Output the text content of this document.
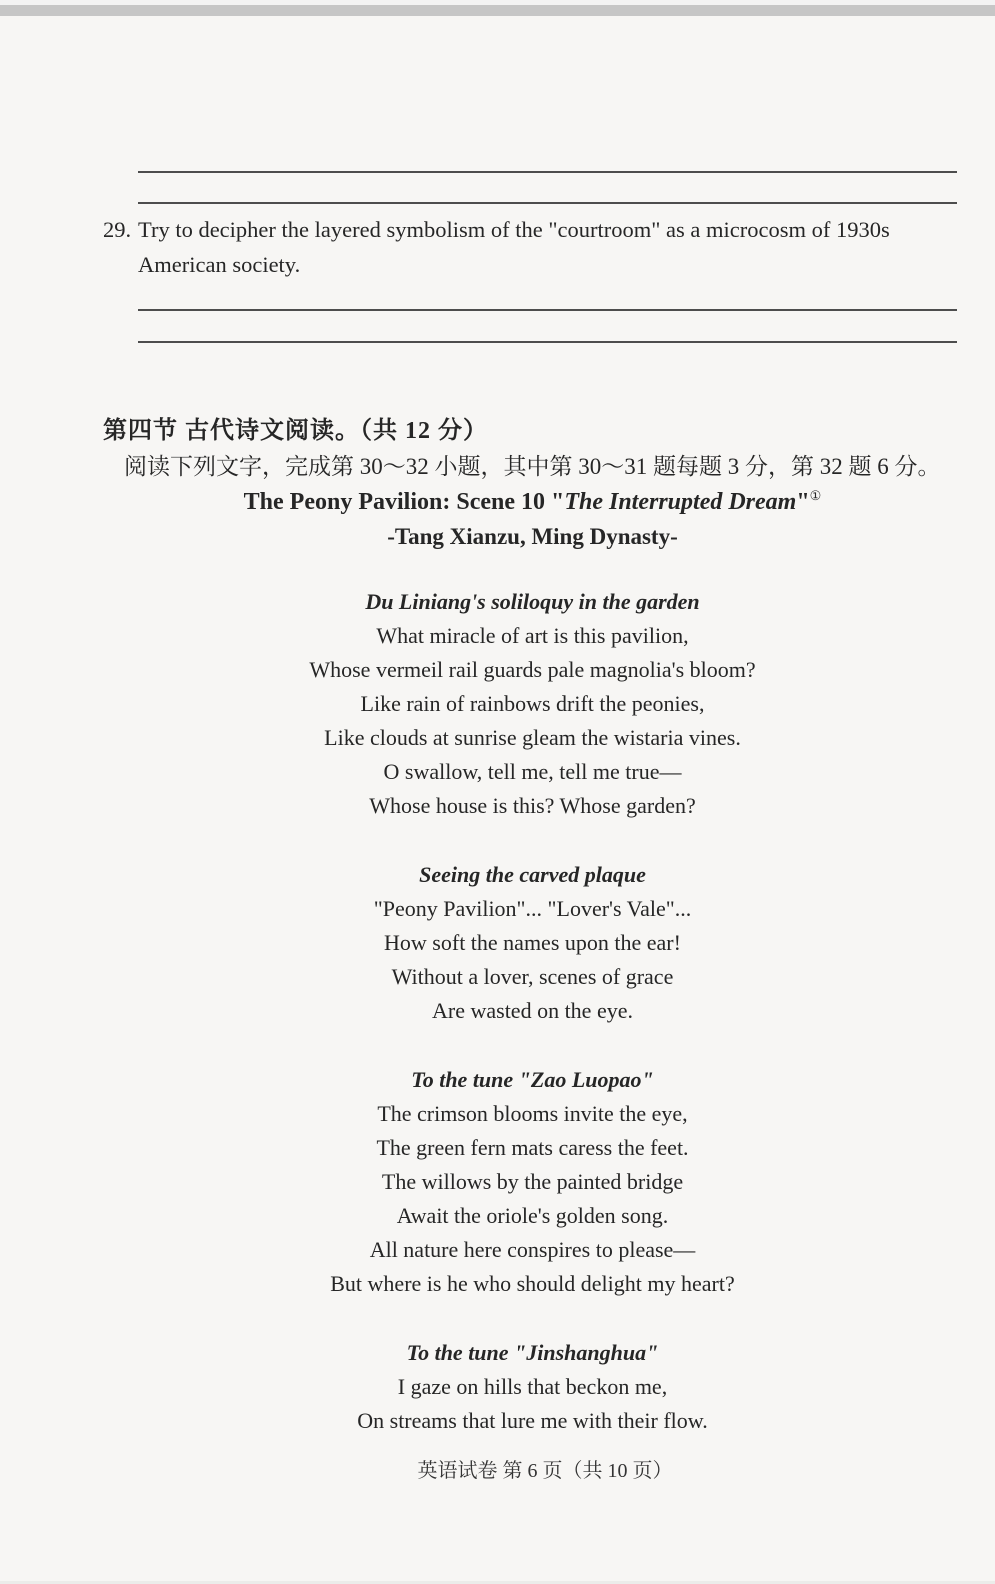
29. Try to decipher the layered symbolism of the "courtroom" as a microcosm of 1930s American society.
第四节 古代诗文阅读。（共 12 分）
阅读下列文字，完成第 30～32 小题，其中第 30～31 题每题 3 分，第 32 题 6 分。
The Peony Pavilion: Scene 10 "The Interrupted Dream"①
-Tang Xianzu, Ming Dynasty-
Du Liniang's soliloquy in the garden
What miracle of art is this pavilion,
Whose vermeil rail guards pale magnolia's bloom?
Like rain of rainbows drift the peonies,
Like clouds at sunrise gleam the wistaria vines.
O swallow, tell me, tell me true—
Whose house is this? Whose garden?
Seeing the carved plaque
"Peony Pavilion"... "Lover's Vale"...
How soft the names upon the ear!
Without a lover, scenes of grace
Are wasted on the eye.
To the tune "Zao Luopao"
The crimson blooms invite the eye,
The green fern mats caress the feet.
The willows by the painted bridge
Await the oriole's golden song.
All nature here conspires to please—
But where is he who should delight my heart?
To the tune "Jinshanghua"
I gaze on hills that beckon me,
On streams that lure me with their flow.
英语试卷 第 6 页（共 10 页）
